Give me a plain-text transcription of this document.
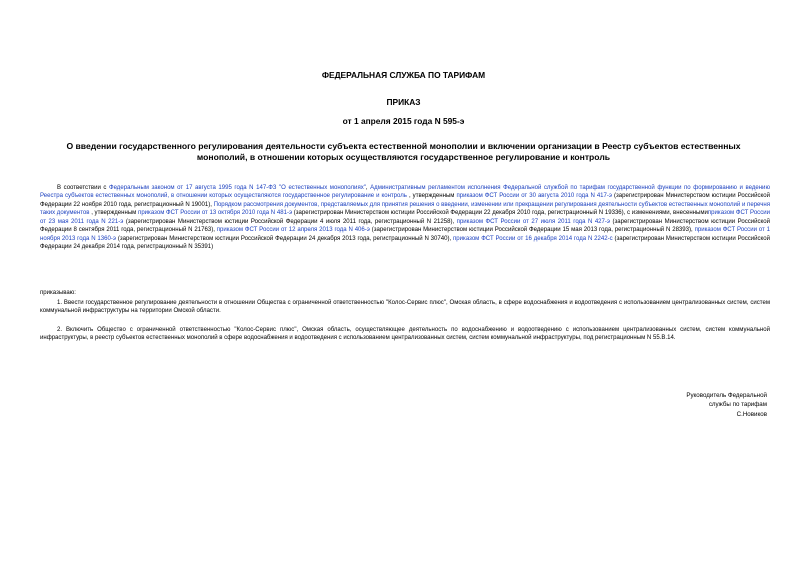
ФЕДЕРАЛЬНАЯ СЛУЖБА ПО ТАРИФАМ
ПРИКАЗ
от 1 апреля 2015 года N 595-э
О введении государственного регулирования деятельности субъекта естественной монополии и включении организации в Реестр субъектов естественных монополий, в отношении которых осуществляются государственное регулирование и контроль
В соответствии с Федеральным законом от 17 августа 1995 года N 147-ФЗ "О естественных монополиях", Административным регламентом исполнения Федеральной службой по тарифам государственной функции по формированию и ведению Реестра субъектов естественных монополий, в отношении которых осуществляются государственное регулирование и контроль , утвержденным приказом ФСТ России от 30 августа 2010 года N 417-э (зарегистрирован Министерством юстиции Российской Федерации 22 ноября 2010 года, регистрационный N 19001), Порядком рассмотрения документов, представляемых для принятия решения о введении, изменении или прекращении регулирования деятельности субъектов естественных монополий и перечня таких документов , утвержденным приказом ФСТ России от 13 октября 2010 года N 481-э (зарегистрирован Министерством юстиции Российской Федерации 22 декабря 2010 года, регистрационный N 19336), с изменениями, внесеннымиприказом ФСТ России от 23 мая 2011 года N 221-э (зарегистрирован Министерством юстиции Российской Федерации 4 июля 2011 года, регистрационный N 21258), приказом ФСТ России от 27 июля 2011 года N 427-э (зарегистрирован Министерством юстиции Российской Федерации 8 сентября 2011 года, регистрационный N 21763), приказом ФСТ России от 12 апреля 2013 года N 406-э (зарегистрирован Министерством юстиции Российской Федерации 15 мая 2013 года, регистрационный N 28393), приказом ФСТ России от 1 ноября 2013 года N 1360-э (зарегистрирован Министерством юстиции Российской Федерации 24 декабря 2013 года, регистрационный N 30740), приказом ФСТ России от 16 декабря 2014 года N 2242-с (зарегистрирован Министерством юстиции Российской Федерации 24 декабря 2014 года, регистрационный N 35391)
приказываю:
1. Ввести государственное регулирование деятельности в отношении Общества с ограниченной ответственностью "Колос-Сервис плюс", Омская область, в сфере водоснабжения и водоотведения с использованием централизованных систем, систем коммунальной инфраструктуры на территории Омской области.
2. Включить Общество с ограниченной ответственностью "Колос-Сервис плюс", Омская область, осуществляющее деятельность по водоснабжению и водоотведению с использованием централизованных систем, систем коммунальной инфраструктуры, в реестр субъектов естественных монополий в сфере водоснабжения и водоотведения с использованием централизованных систем, систем коммунальной инфраструктуры, под регистрационным N 55.В.14.
Руководитель Федеральной
службы по тарифам
С.Новиков
